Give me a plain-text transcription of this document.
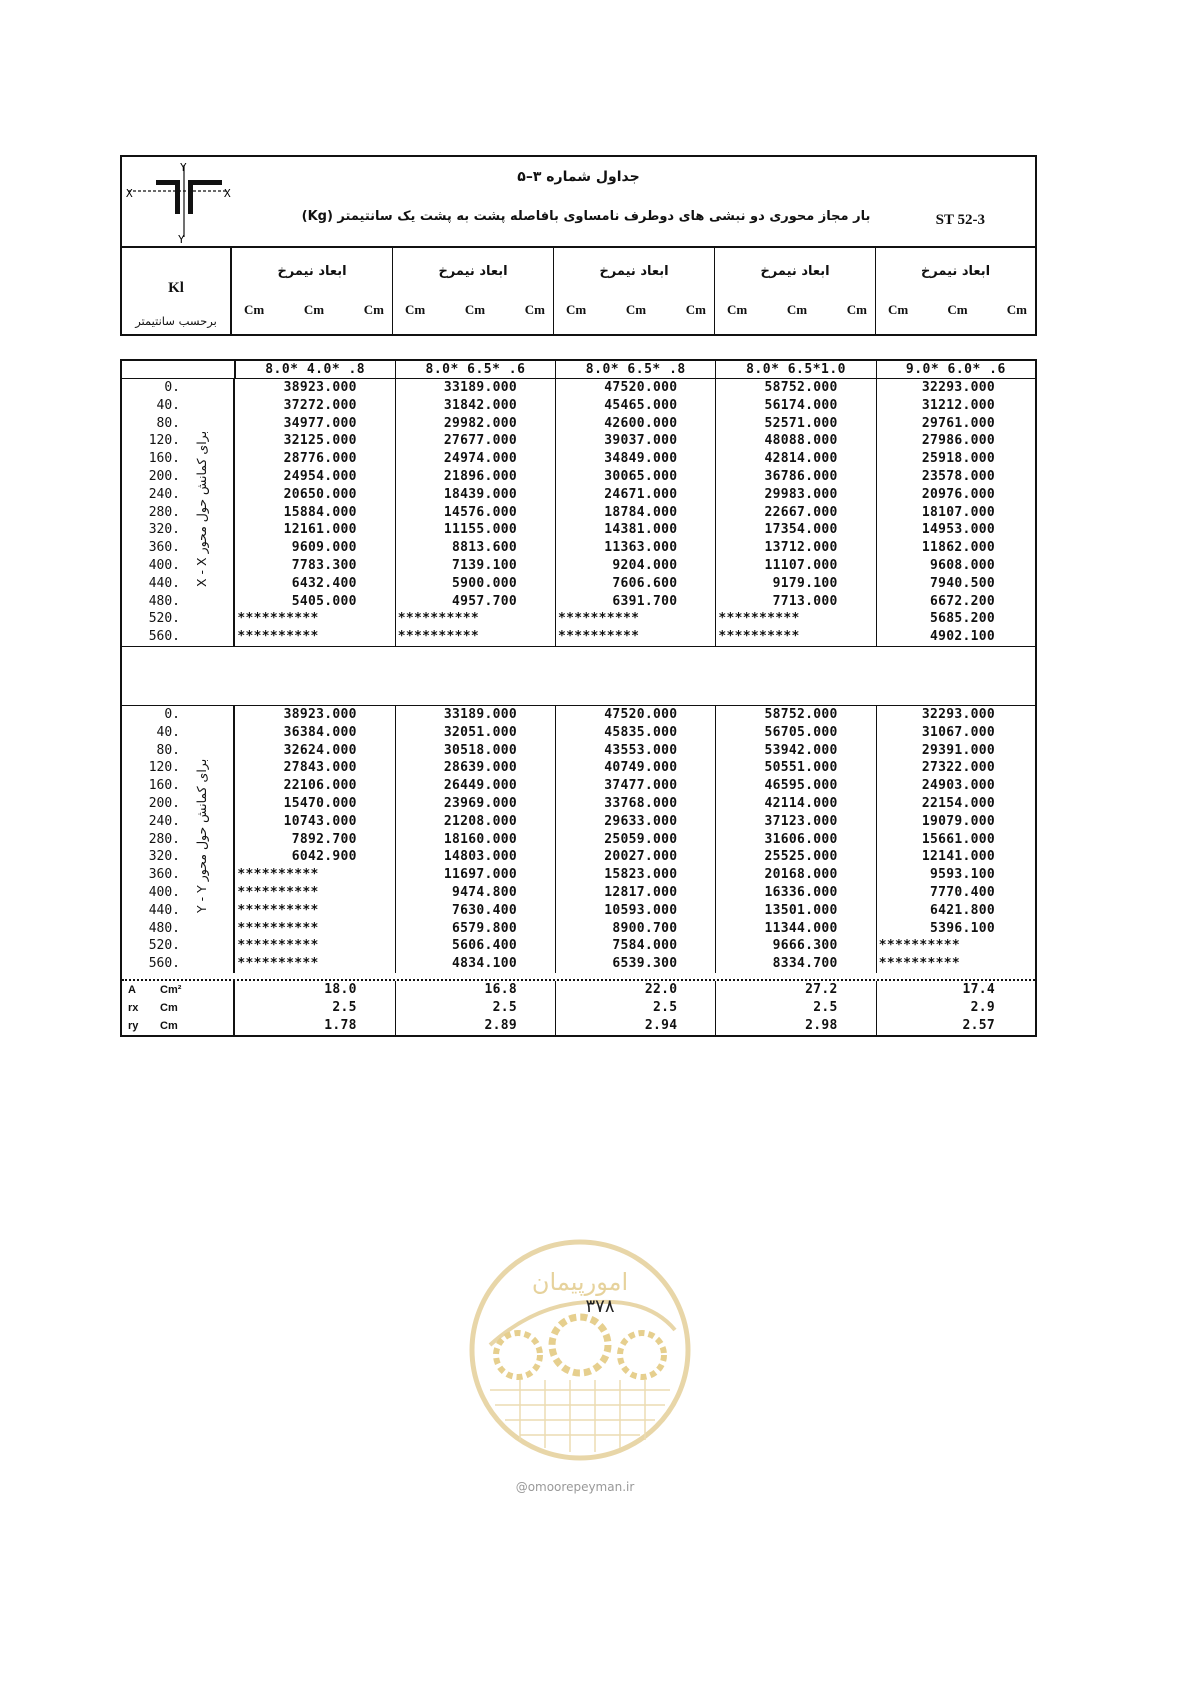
Y
Y
X	X
جداول شماره ۳–۵
بار مجاز محوری دو نبشی های دوطرف نامساوی بافاصله پشت به پشت یک سانتیمتر (Kg)	ST 52-3
Kl
برحسب سانتیمتر
ابعاد نیمرخ
Cm	Cm	Cm
ابعاد نیمرخ
Cm	Cm	Cm
ابعاد نیمرخ
Cm	Cm	Cm
ابعاد نیمرخ
Cm	Cm	Cm
ابعاد نیمرخ
Cm	Cm	Cm
8.0* 4.0* .8	8.0* 6.5* .6	8.0* 6.5* .8	8.0* 6.5*1.0	9.0* 6.0* .6
برای کمانش حول محور X - X
0.	38923.000	33189.000	47520.000	58752.000	32293.000
40.	37272.000	31842.000	45465.000	56174.000	31212.000
80.	34977.000	29982.000	42600.000	52571.000	29761.000
120.	32125.000	27677.000	39037.000	48088.000	27986.000
160.	28776.000	24974.000	34849.000	42814.000	25918.000
200.	24954.000	21896.000	30065.000	36786.000	23578.000
240.	20650.000	18439.000	24671.000	29983.000	20976.000
280.	15884.000	14576.000	18784.000	22667.000	18107.000
320.	12161.000	11155.000	14381.000	17354.000	14953.000
360.	9609.000	8813.600	11363.000	13712.000	11862.000
400.	7783.300	7139.100	9204.000	11107.000	9608.000
440.	6432.400	5900.000	7606.600	9179.100	7940.500
480.	5405.000	4957.700	6391.700	7713.000	6672.200
520.	**********	**********	**********	**********	5685.200
560.	**********	**********	**********	**********	4902.100
برای کمانش حول محور Y - Y
0.	38923.000	33189.000	47520.000	58752.000	32293.000
40.	36384.000	32051.000	45835.000	56705.000	31067.000
80.	32624.000	30518.000	43553.000	53942.000	29391.000
120.	27843.000	28639.000	40749.000	50551.000	27322.000
160.	22106.000	26449.000	37477.000	46595.000	24903.000
200.	15470.000	23969.000	33768.000	42114.000	22154.000
240.	10743.000	21208.000	29633.000	37123.000	19079.000
280.	7892.700	18160.000	25059.000	31606.000	15661.000
320.	6042.900	14803.000	20027.000	25525.000	12141.000
360.	**********	11697.000	15823.000	20168.000	9593.100
400.	**********	9474.800	12817.000	16336.000	7770.400
440.	**********	7630.400	10593.000	13501.000	6421.800
480.	**********	6579.800	8900.700	11344.000	5396.100
520.	**********	5606.400	7584.000	9666.300	**********
560.	**********	4834.100	6539.300	8334.700	**********
A Cm²	18.0	16.8	22.0	27.2	17.4
rx Cm	2.5	2.5	2.5	2.5	2.9
ry Cm	1.78	2.89	2.94	2.98	2.57
امورپیمان
۳۷۸
@omoorepeyman.ir
